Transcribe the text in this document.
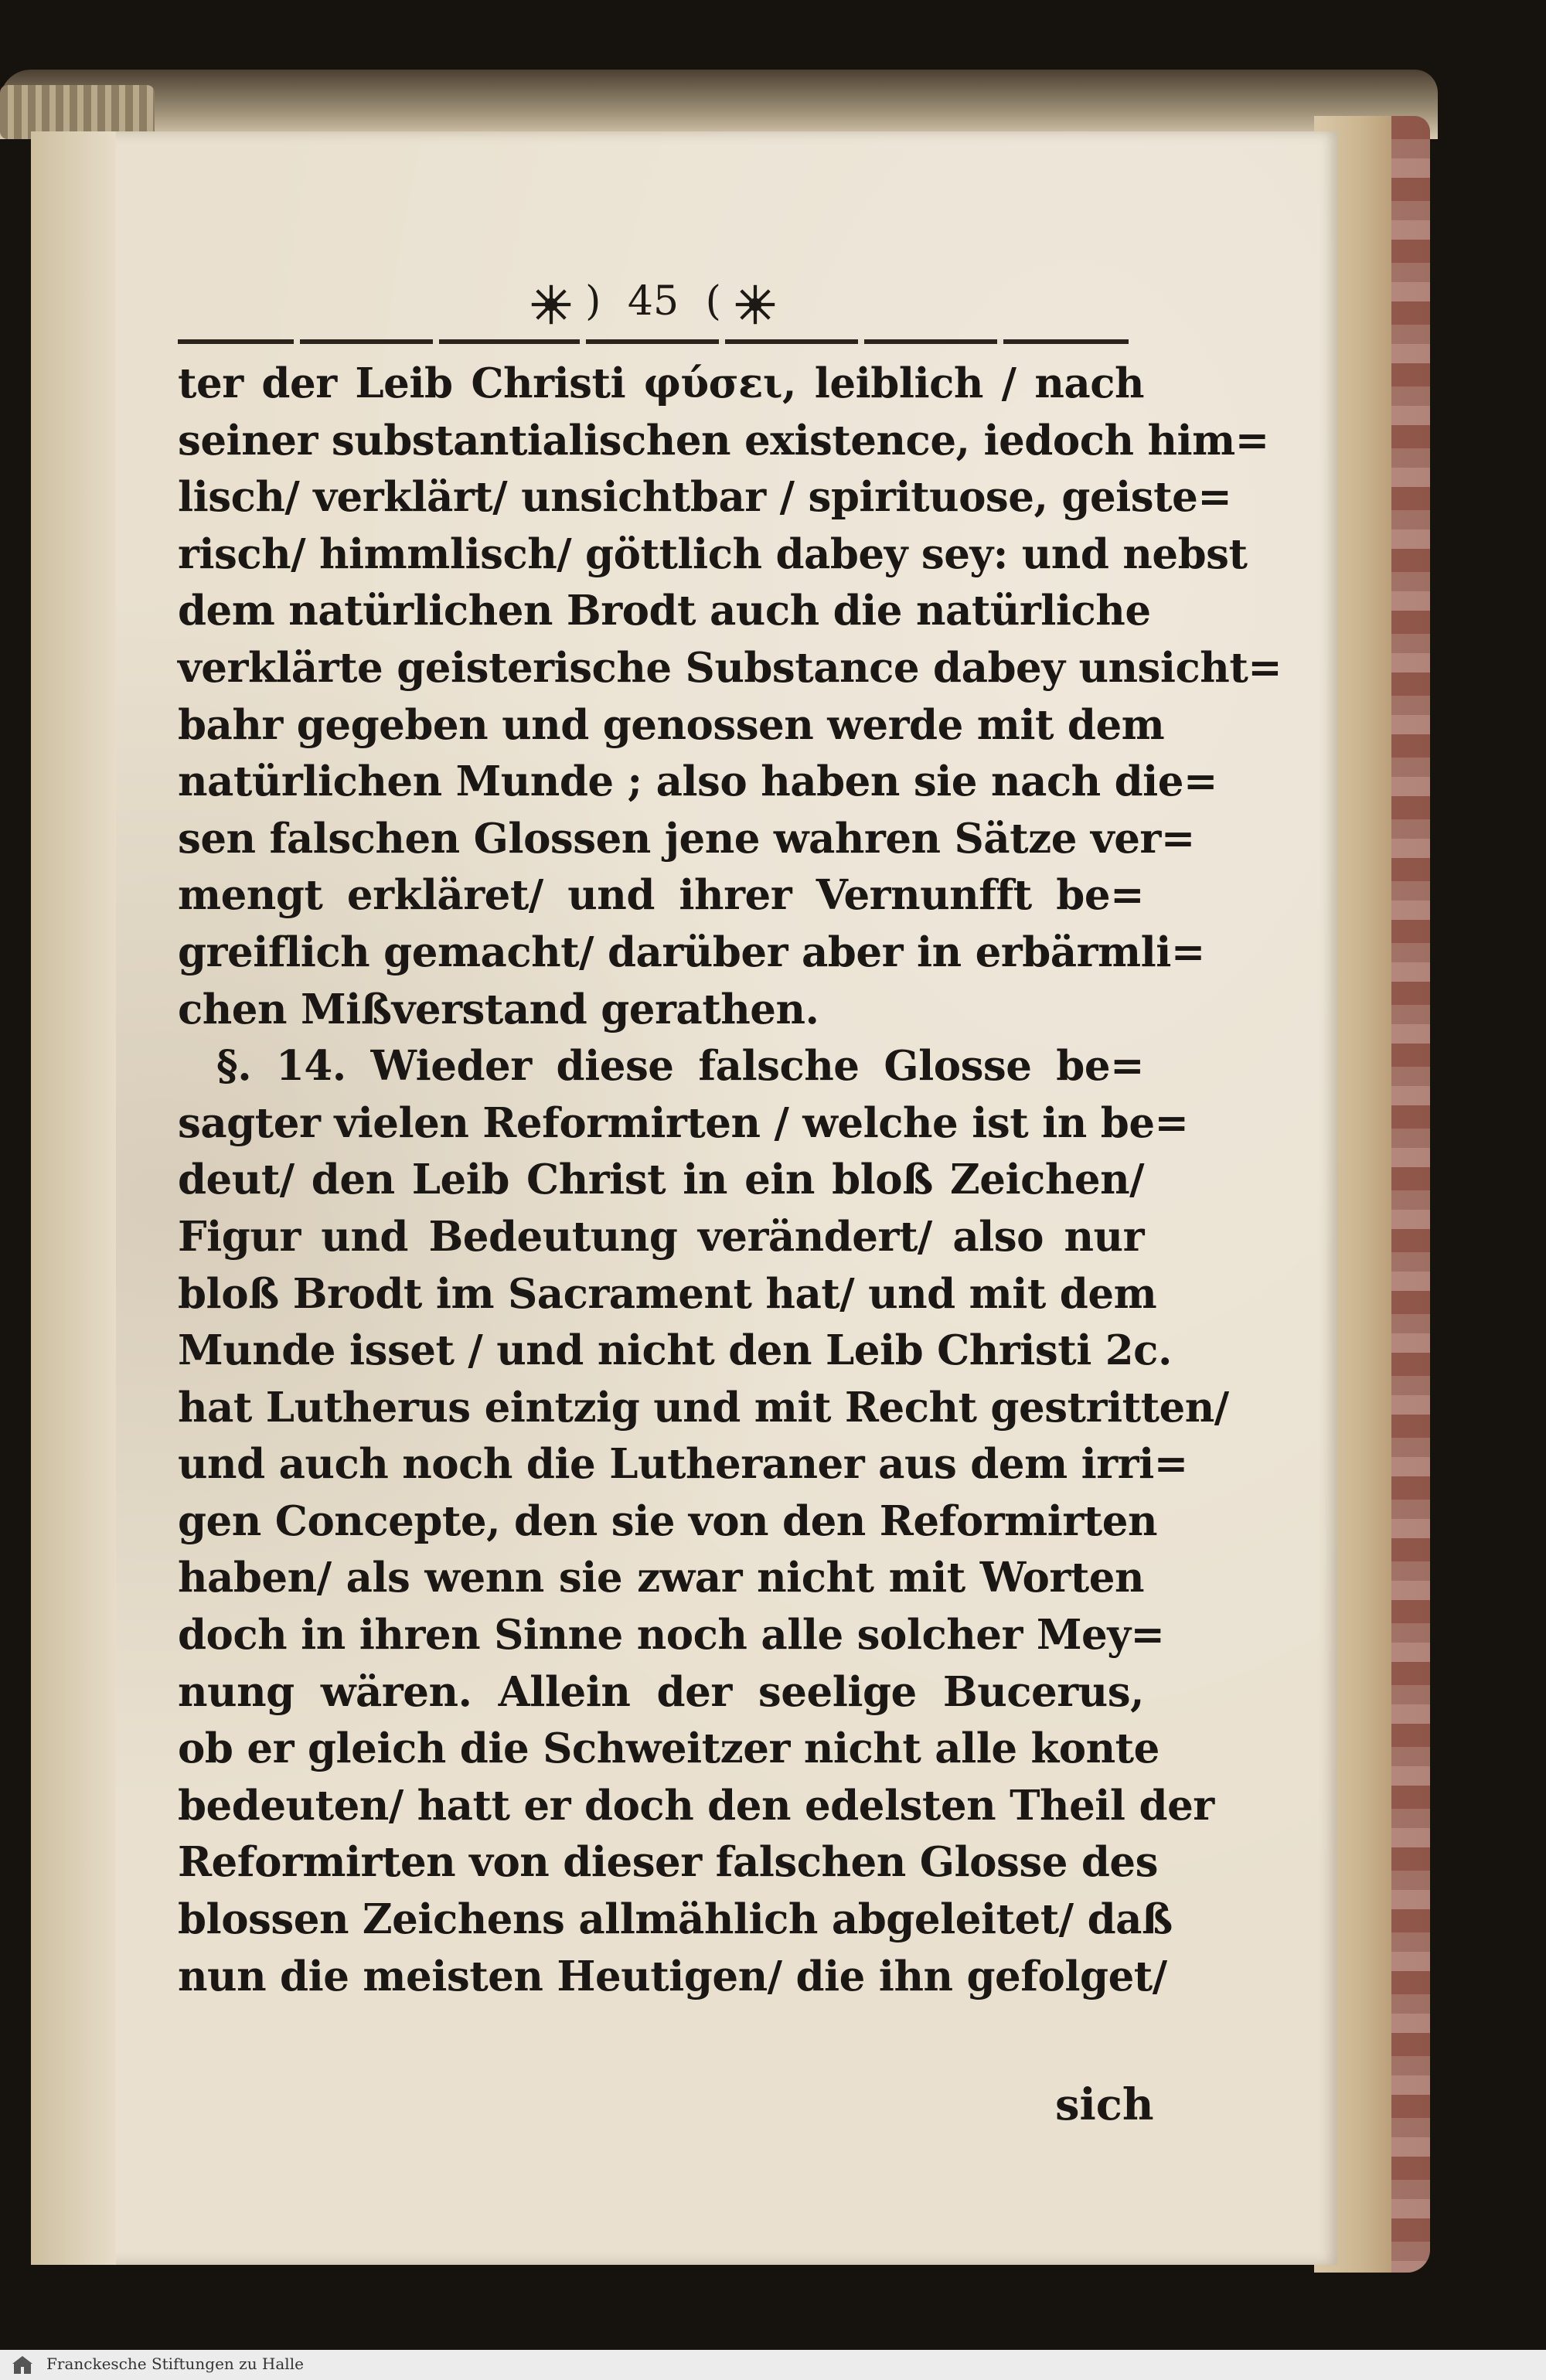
) 45 (
ter der Leib Christi φύσει, leiblich / nach
seiner substantialischen existence, iedoch him=
lisch/ verklärt/ unsichtbar / spirituose, geiste=
risch/ himmlisch/ göttlich dabey sey: und nebst
dem natürlichen Brodt auch die natürliche
verklärte geisterische Substance dabey unsicht=
bahr gegeben und genossen werde mit dem
natürlichen Munde ; also haben sie nach die=
sen falschen Glossen jene wahren Sätze ver=
mengt erkläret/ und ihrer Vernunfft be=
greiflich gemacht/ darüber aber in erbärmli=
chen Mißverstand gerathen.
§. 14. Wieder diese falsche Glosse be=
sagter vielen Reformirten / welche ist in be=
deut/ den Leib Christ in ein bloß Zeichen/
Figur und Bedeutung verändert/ also nur
bloß Brodt im Sacrament hat/ und mit dem
Munde isset / und nicht den Leib Christi 2c.
hat Lutherus eintzig und mit Recht gestritten/
und auch noch die Lutheraner aus dem irri=
gen Concepte, den sie von den Reformirten
haben/ als wenn sie zwar nicht mit Worten
doch in ihren Sinne noch alle solcher Mey=
nung wären. Allein der seelige Bucerus,
ob er gleich die Schweitzer nicht alle konte
bedeuten/ hatt er doch den edelsten Theil der
Reformirten von dieser falschen Glosse des
blossen Zeichens allmählich abgeleitet/ daß
nun die meisten Heutigen/ die ihn gefolget/
sich
Franckesche Stiftungen zu Halle
